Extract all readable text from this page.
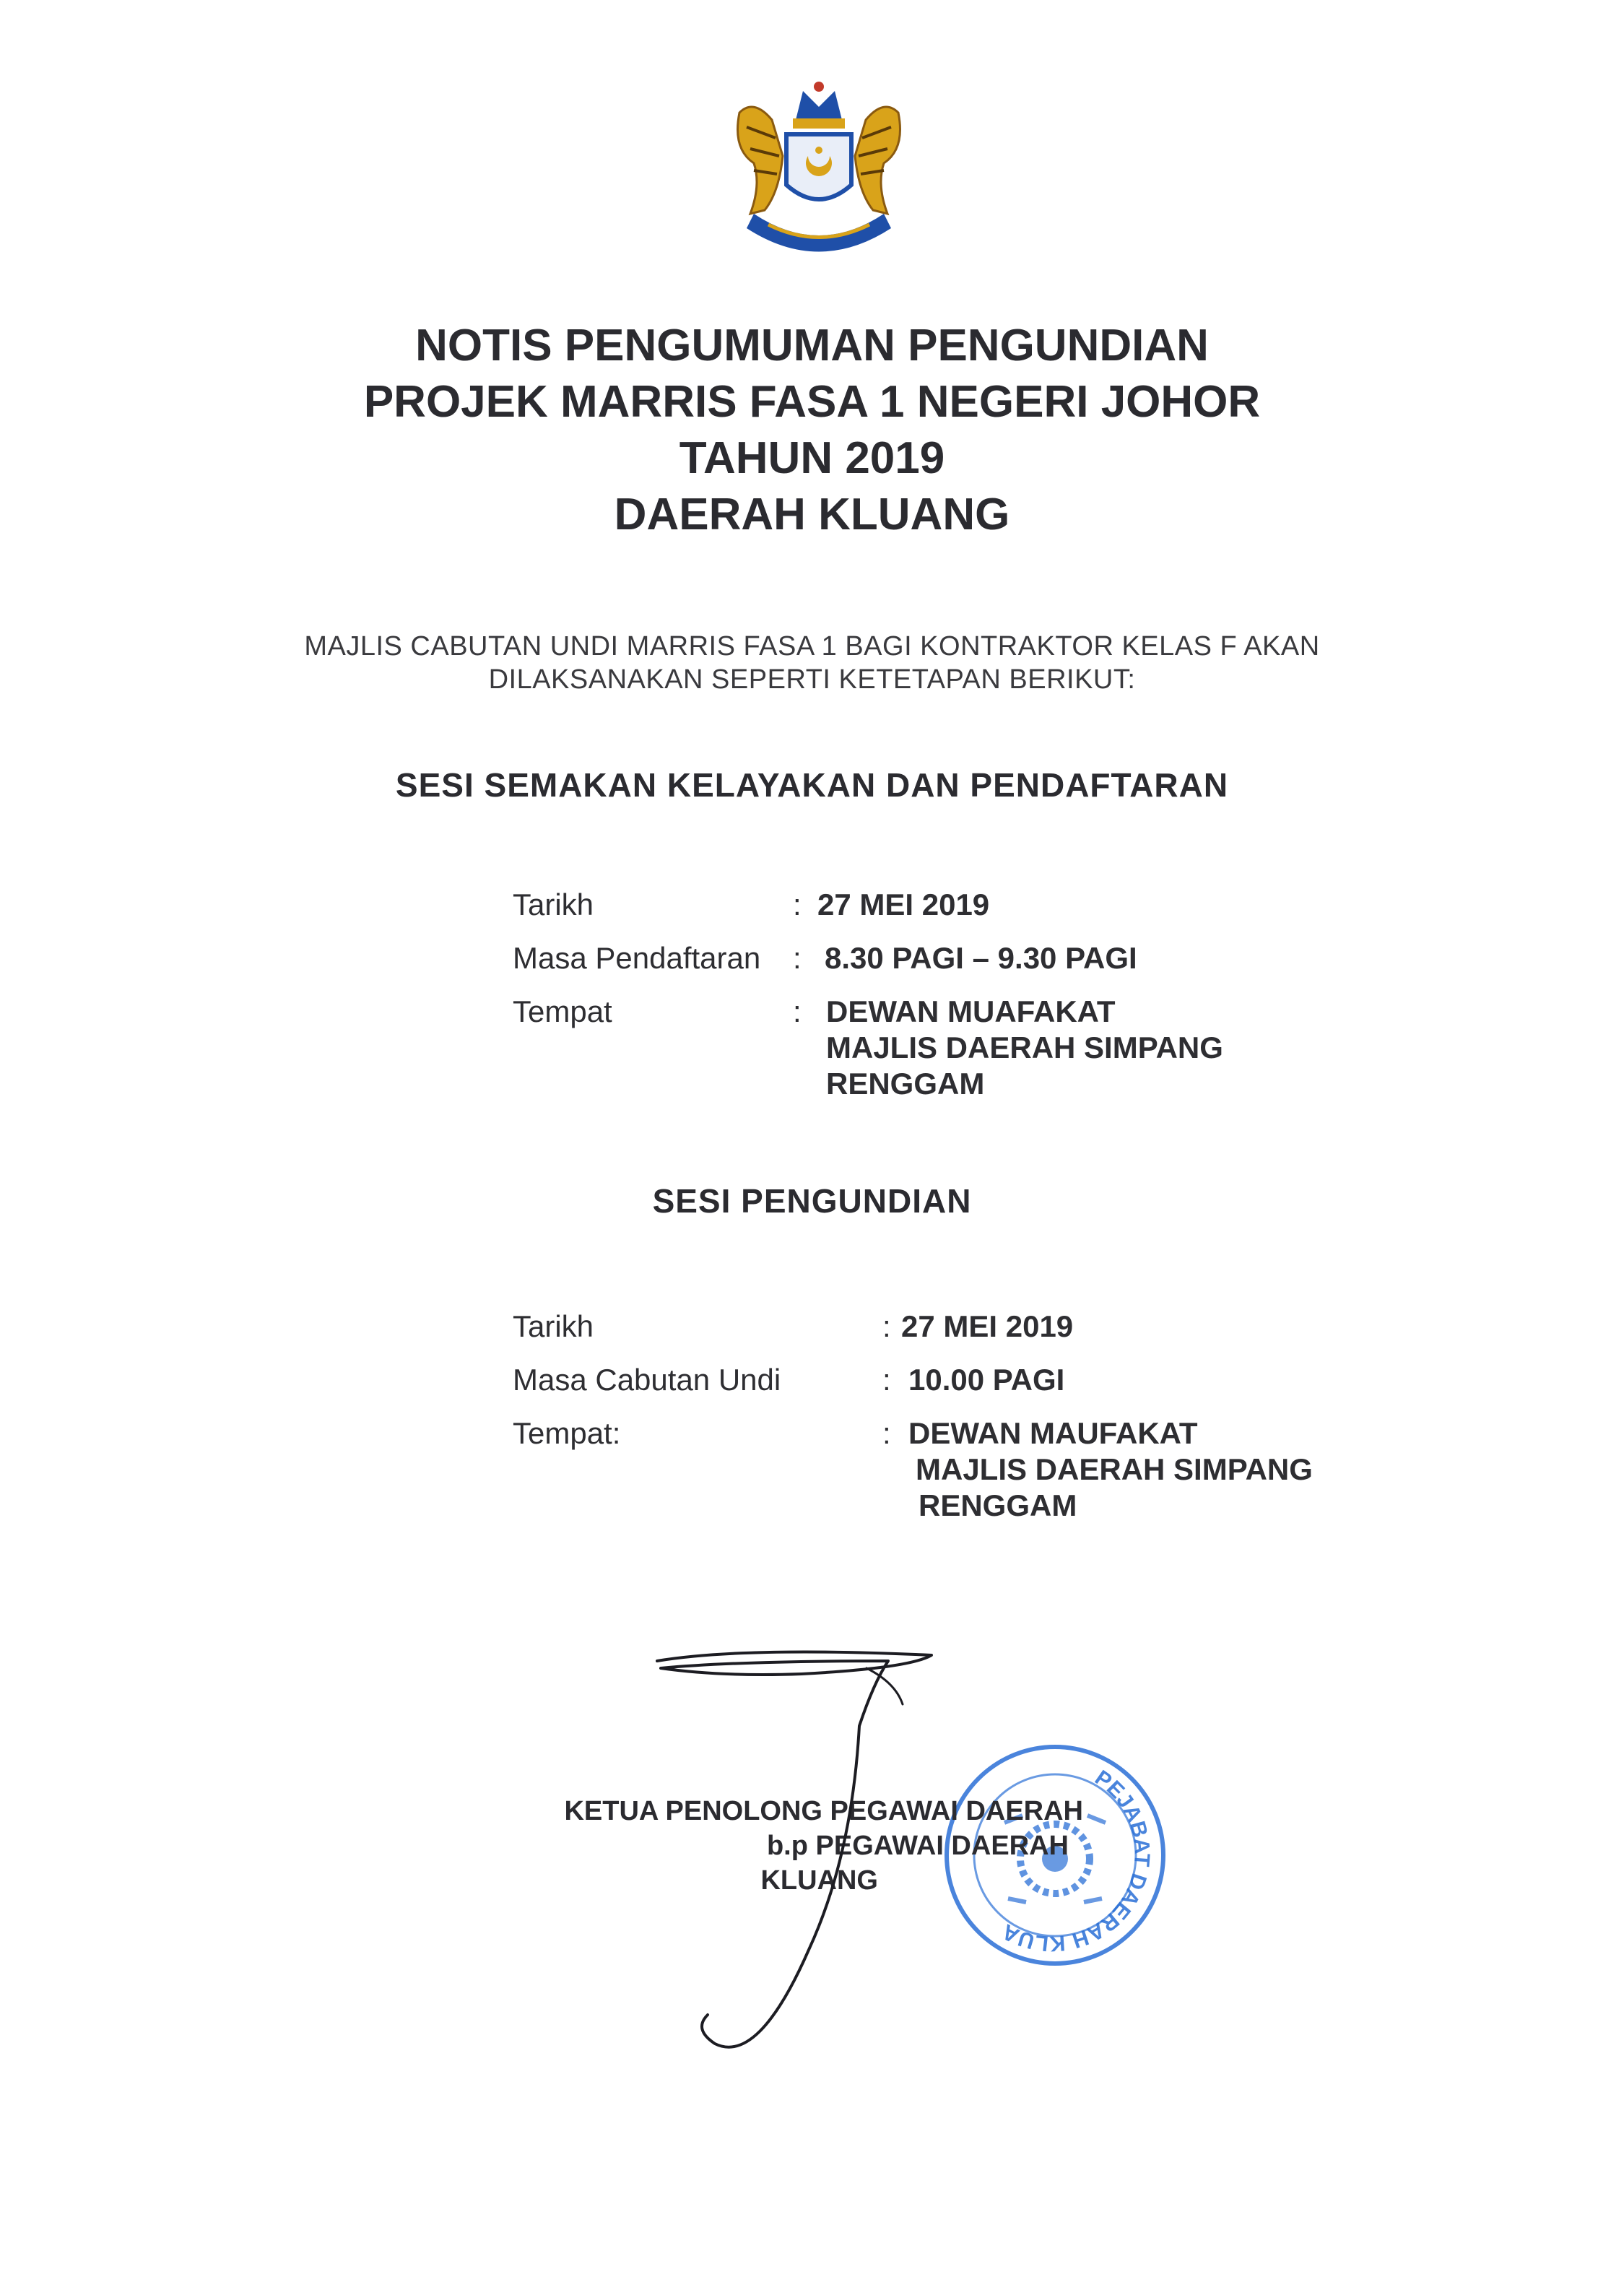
NOTIS PENGUMUMAN PENGUNDIAN
PROJEK MARRIS FASA 1 NEGERI JOHOR
TAHUN 2019
DAERAH KLUANG
MAJLIS CABUTAN UNDI MARRIS FASA 1 BAGI KONTRAKTOR KELAS F AKAN
DILAKSANAKAN SEPERTI KETETAPAN BERIKUT:
SESI SEMAKAN KELAYAKAN DAN PENDAFTARAN
Tarikh	: 27 MEI 2019
Masa Pendaftaran : 8.30 PAGI – 9.30 PAGI
Tempat	: DEWAN MUAFAKAT
MAJLIS DAERAH SIMPANG
RENGGAM
SESI PENGUNDIAN
Tarikh	: 27 MEI 2019
Masa Cabutan Undi	: 10.00 PAGI
Tempat:	: DEWAN MAUFAKAT
MAJLIS DAERAH SIMPANG
RENGGAM
PEJABAT DAERAH KLUANG
KETUA PENOLONG PEGAWAI DAERAH
b.p PEGAWAI DAERAH
KLUANG
